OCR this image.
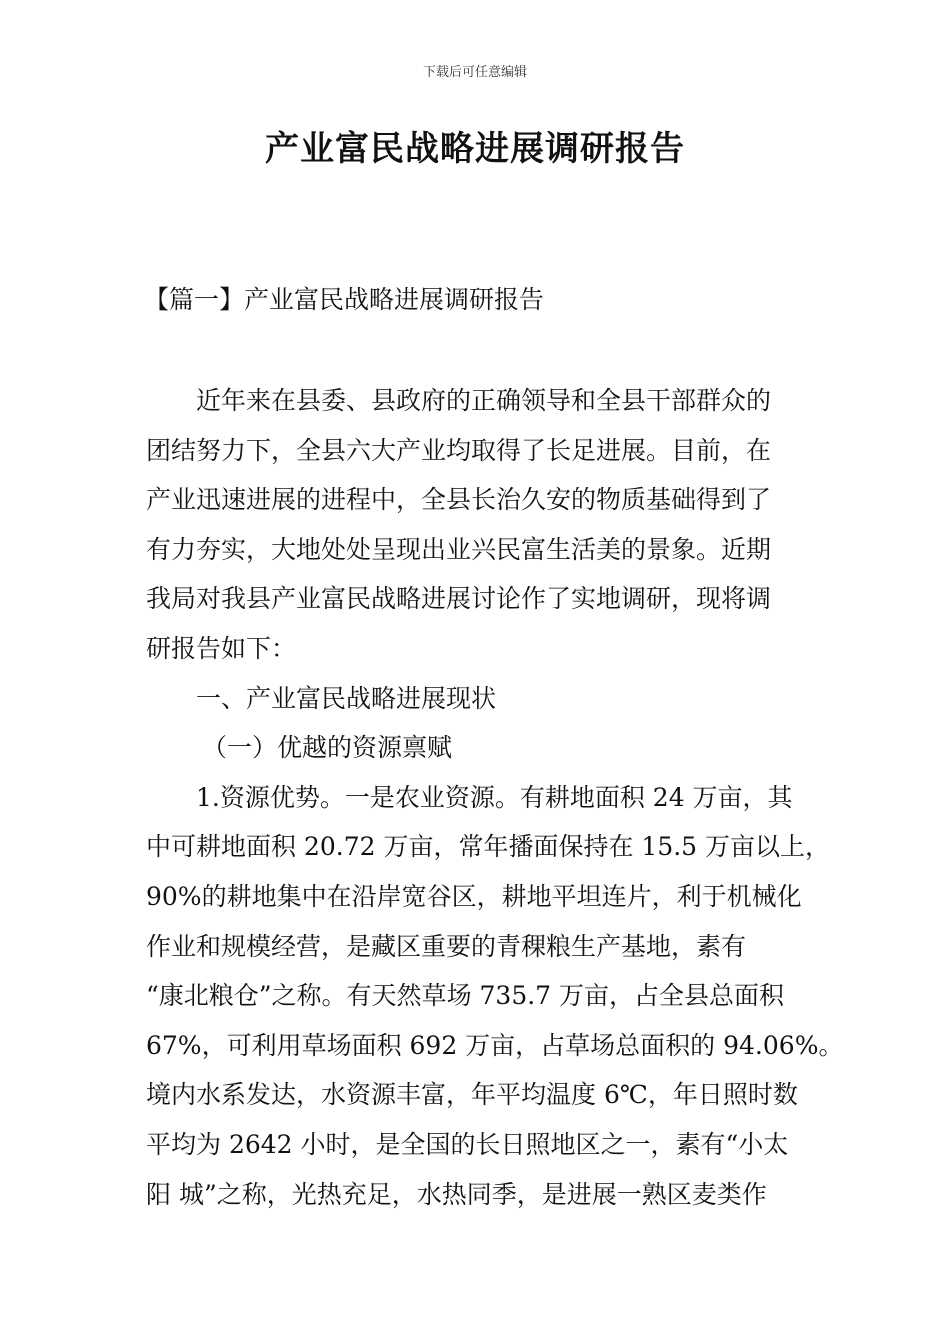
下载后可任意编辑
产业富民战略进展调研报告
【篇一】产业富民战略进展调研报告
近年来在县委、县政府的正确领导和全县干部群众的
团结努力下，全县六大产业均取得了长足进展。目前，在
产业迅速进展的进程中，全县长治久安的物质基础得到了
有力夯实，大地处处呈现出业兴民富生活美的景象。近期
我局对我县产业富民战略进展讨论作了实地调研，现将调
研报告如下：
一、产业富民战略进展现状
（一）优越的资源禀赋
1.资源优势。一是农业资源。有耕地面积 24 万亩，其
中可耕地面积 20.72 万亩，常年播面保持在 15.5 万亩以上，
90%的耕地集中在沿岸宽谷区，耕地平坦连片，利于机械化
作业和规模经营，是藏区重要的青稞粮生产基地，素有
“康北粮仓”之称。有天然草场 735.7 万亩，占全县总面积
67%，可利用草场面积 692 万亩，占草场总面积的 94.06%。
境内水系发达，水资源丰富，年平均温度 6℃，年日照时数
平均为 2642 小时，是全国的长日照地区之一，素有“小太
阳 城”之称，光热充足，水热同季，是进展一熟区麦类作
